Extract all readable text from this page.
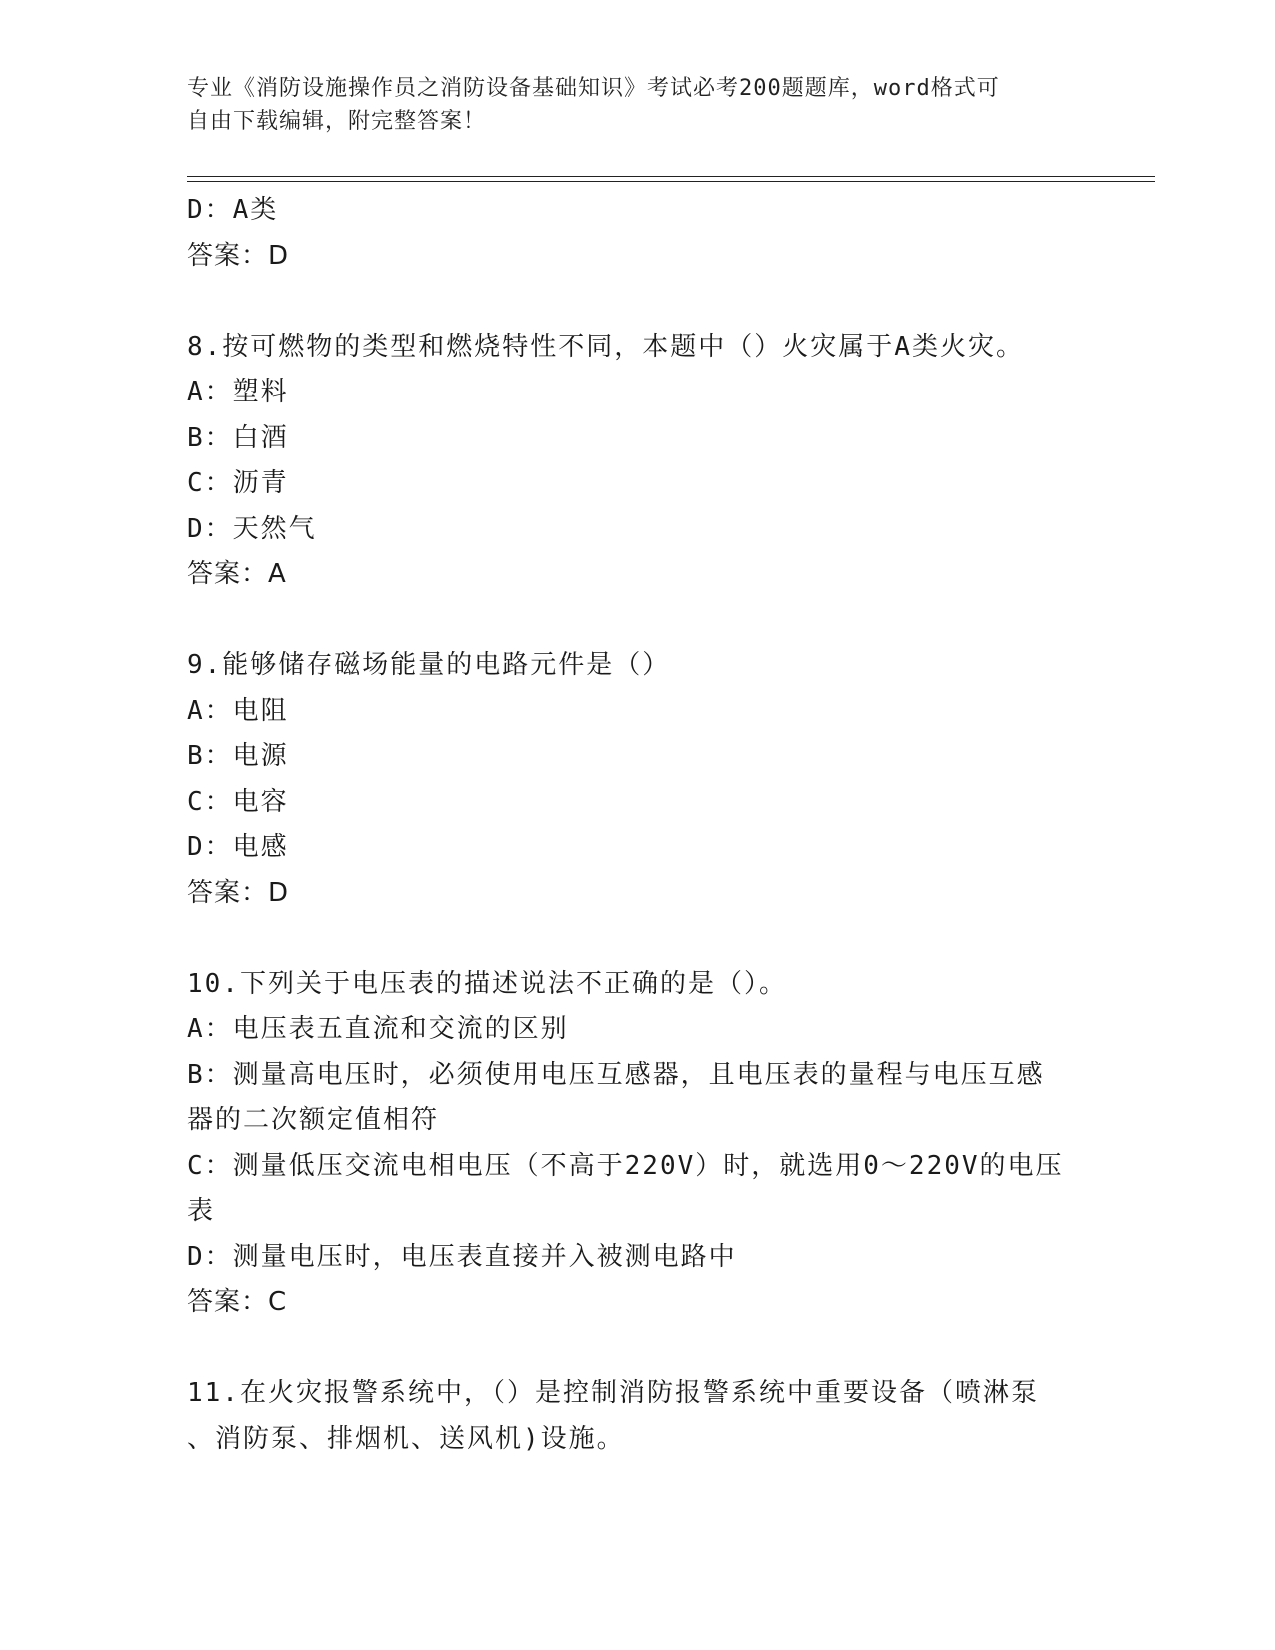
专业《消防设施操作员之消防设备基础知识》考试必考200题题库，word格式可
自由下载编辑，附完整答案！
D：A类
答案：D
8.按可燃物的类型和燃烧特性不同，本题中（）火灾属于A类火灾。
A：塑料
B：白酒
C：沥青
D：天然气
答案：A
9.能够储存磁场能量的电路元件是（）
A：电阻
B：电源
C：电容
D：电感
答案：D
10.下列关于电压表的描述说法不正确的是（）。
A：电压表五直流和交流的区别
B：测量高电压时，必须使用电压互感器，且电压表的量程与电压互感
器的二次额定值相符
C：测量低压交流电相电压（不高于220V）时，就选用0～220V的电压
表
D：测量电压时，电压表直接并入被测电路中
答案：C
11.在火灾报警系统中，（）是控制消防报警系统中重要设备（喷淋泵
、消防泵、排烟机、送风机)设施。
